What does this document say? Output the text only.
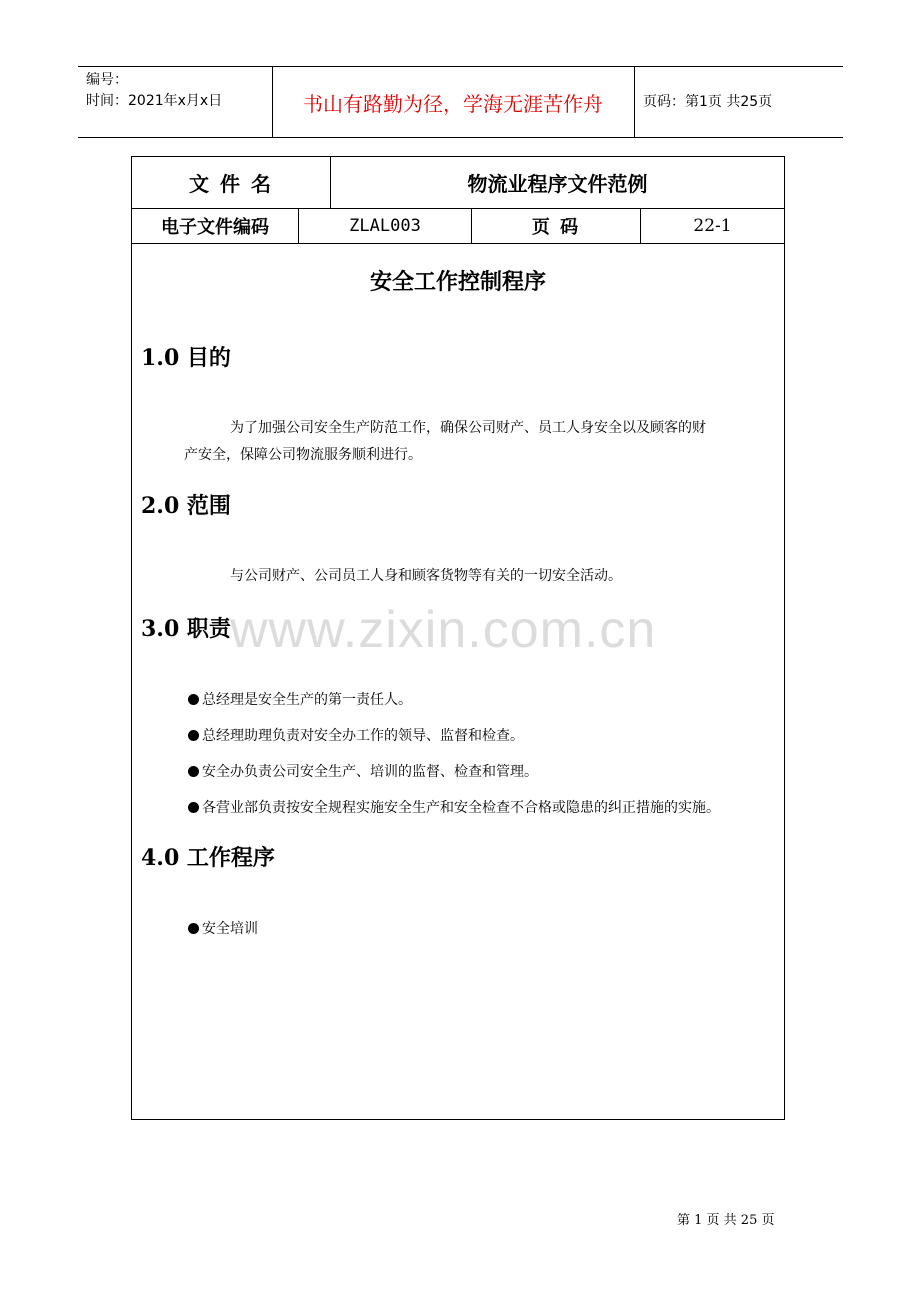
编号：
时间：2021年x月x日	书山有路勤为径，学海无涯苦作舟	页码：第1页 共25页
文 件 名	物流业程序文件范例
电子文件编码	ZLAL003	页 码	22-1
安全工作控制程序
1.0 目的
为了加强公司安全生产防范工作，确保公司财产、员工人身安全以及顾客的财
产安全，保障公司物流服务顺利进行。
2.0 范围
与公司财产、公司员工人身和顾客货物等有关的一切安全活动。
3.0 职责
总经理是安全生产的第一责任人。
总经理助理负责对安全办工作的领导、监督和检查。
安全办负责公司安全生产、培训的监督、检查和管理。
各营业部负责按安全规程实施安全生产和安全检查不合格或隐患的纠正措施的实施。
4.0 工作程序
安全培训
www.zixin.com.cn
第 1 页 共 25 页
